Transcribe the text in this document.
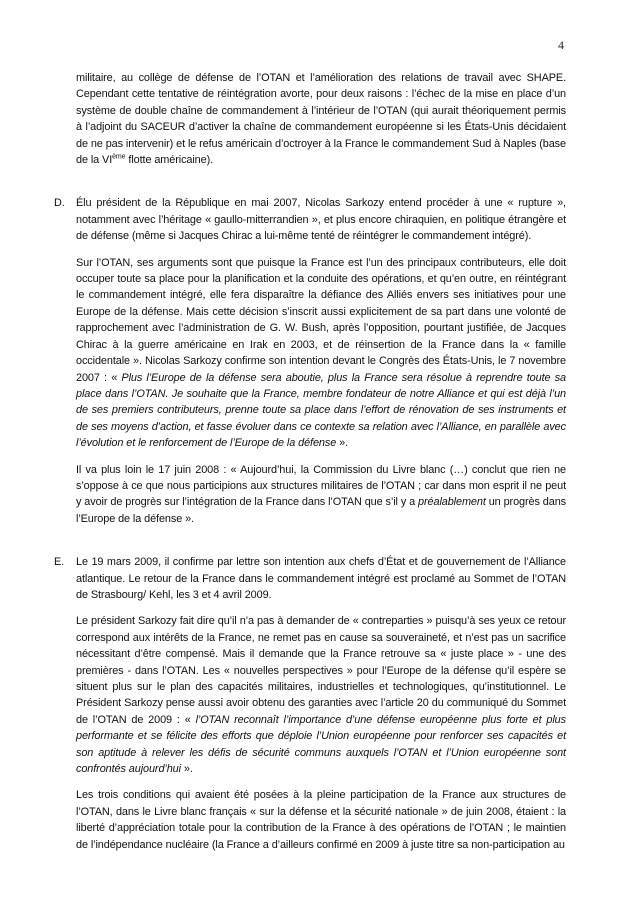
4

militaire, au collège de défense de l’OTAN et l’amélioration des relations de travail avec SHAPE. Cependant cette tentative de réintégration avorte, pour deux raisons : l’échec de la mise en place d’un système de double chaîne de commandement à l’intérieur de l’OTAN (qui aurait théoriquement permis à l’adjoint du SACEUR d’activer la chaîne de commandement européenne si les États-Unis décidaient de ne pas intervenir) et le refus américain d’octroyer à la France le commandement Sud à Naples (base de la VIème flotte américaine).

D.	Élu président de la République en mai 2007, Nicolas Sarkozy entend procéder à une « rupture », notamment avec l’héritage « gaullo-mitterrandien », et plus encore chiraquien, en politique étrangère et de défense (même si Jacques Chirac a lui-même tenté de réintégrer le commandement intégré).

Sur l’OTAN, ses arguments sont que puisque la France est l’un des principaux contributeurs, elle doit occuper toute sa place pour la planification et la conduite des opérations, et qu’en outre, en réintégrant le commandement intégré, elle fera disparaître la défiance des Alliés envers ses initiatives pour une Europe de la défense. Mais cette décision s’inscrit aussi explicitement de sa part dans une volonté de rapprochement avec l’administration de G. W. Bush, après l’opposition, pourtant justifiée, de Jacques Chirac à la guerre américaine en Irak en 2003, et de réinsertion de la France dans la « famille occidentale ». Nicolas Sarkozy confirme son intention devant le Congrès des États-Unis, le 7 novembre 2007 : « Plus l’Europe de la défense sera aboutie, plus la France sera résolue à reprendre toute sa place dans l’OTAN. Je souhaite que la France, membre fondateur de notre Alliance et qui est déjà l’un de ses premiers contributeurs, prenne toute sa place dans l’effort de rénovation de ses instruments et de ses moyens d’action, et fasse évoluer dans ce contexte sa relation avec l’Alliance, en parallèle avec l’évolution et le renforcement de l’Europe de la défense ».

Il va plus loin le 17 juin 2008 : « Aujourd’hui, la Commission du Livre blanc (…) conclut que rien ne s’oppose à ce que nous participions aux structures militaires de l’OTAN ; car dans mon esprit il ne peut y avoir de progrès sur l’intégration de la France dans l’OTAN que s’il y a préalablement un progrès dans l’Europe de la défense ».

E.	Le 19 mars 2009, il confirme par lettre son intention aux chefs d’État et de gouvernement de l’Alliance atlantique. Le retour de la France dans le commandement intégré est proclamé au Sommet de l’OTAN de Strasbourg/ Kehl, les 3 et 4 avril 2009.

Le président Sarkozy fait dire qu’il n’a pas à demander de « contreparties » puisqu’à ses yeux ce retour correspond aux intérêts de la France, ne remet pas en cause sa souveraineté, et n’est pas un sacrifice nécessitant d’être compensé. Mais il demande que la France retrouve sa « juste place » - une des premières - dans l’OTAN. Les « nouvelles perspectives » pour l’Europe de la défense qu’il espère se situent plus sur le plan des capacités militaires, industrielles et technologiques, qu’institutionnel. Le Président Sarkozy pense aussi avoir obtenu des garanties avec l’article 20 du communiqué du Sommet de l’OTAN de 2009 : « l’OTAN reconnaît l’importance d’une défense européenne plus forte et plus performante et se félicite des efforts que déploie l’Union européenne pour renforcer ses capacités et son aptitude à relever les défis de sécurité communs auxquels l’OTAN et l’Union européenne sont confrontés aujourd’hui ».

Les trois conditions qui avaient été posées à la pleine participation de la France aux structures de l’OTAN, dans le Livre blanc français « sur la défense et la sécurité nationale » de juin 2008, étaient : la liberté d’appréciation totale pour la contribution de la France à des opérations de l’OTAN ; le maintien de l’indépendance nucléaire (la France a d’ailleurs confirmé en 2009 à juste titre sa non-participation au
